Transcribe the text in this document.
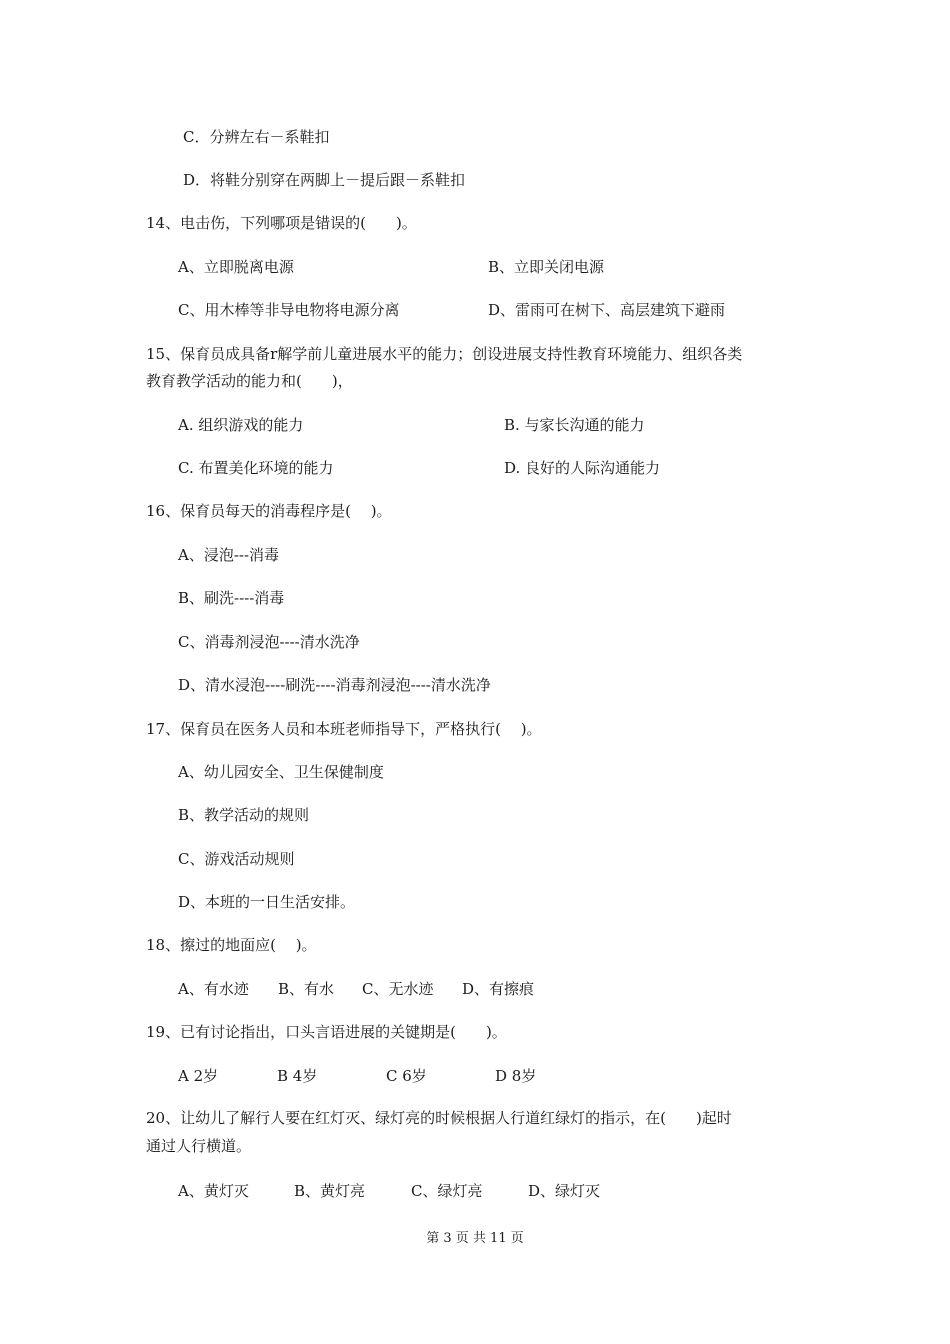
C．分辨左右－系鞋扣
D．将鞋分别穿在两脚上－提后跟－系鞋扣
14、电击伤，下列哪项是错误的(　　)。
A、立即脱离电源	B、立即关闭电源
C、用木棒等非导电物将电源分离	D、雷雨可在树下、高层建筑下避雨
15、保育员成具备r解学前儿童进展水平的能力；创设进展支持性教育环境能力、组织各类
教育教学活动的能力和(　　)，
A. 组织游戏的能力	B. 与家长沟通的能力
C. 布置美化环境的能力	D. 良好的人际沟通能力
16、保育员每天的消毒程序是(　 )。
A、浸泡---消毒
B、刷洗----消毒
C、消毒剂浸泡----清水洗净
D、清水浸泡----刷洗----消毒剂浸泡----清水洗净
17、保育员在医务人员和本班老师指导下，严格执行(　 )。
A、幼儿园安全、卫生保健制度
B、教学活动的规则
C、游戏活动规则
D、本班的一日生活安排。
18、擦过的地面应(　 )。
A、有水迹 B、有水 C、无水迹 D、有擦痕
19、已有讨论指出，口头言语进展的关键期是(　　)。
A 2岁	B 4岁	C 6岁	D 8岁
20、让幼儿了解行人要在红灯灭、绿灯亮的时候根据人行道红绿灯的指示，在(　　)起时
通过人行横道。
A、黄灯灭	B、黄灯亮	C、绿灯亮	D、绿灯灭
第 3 页 共 11 页
